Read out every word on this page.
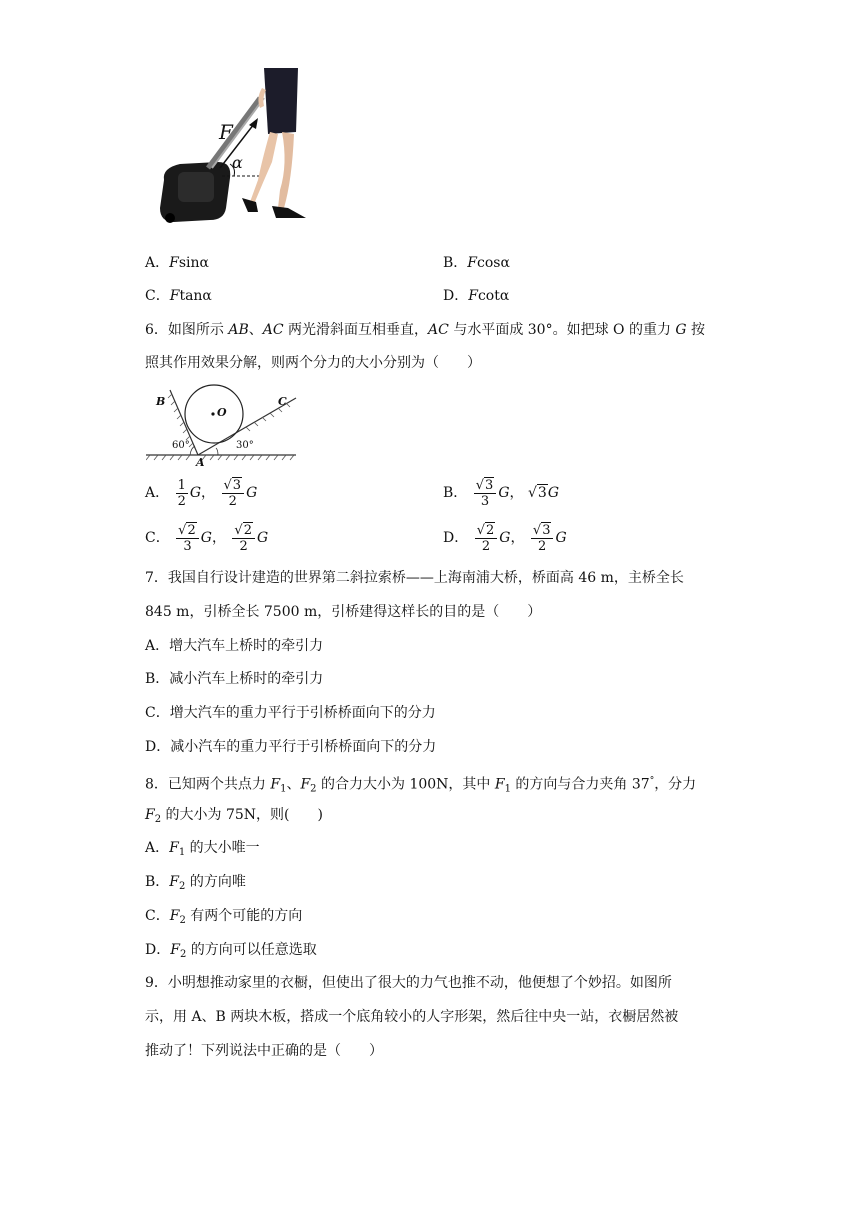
F
α
A．Fsinα	B．Fcosα
C．Ftanα	D．Fcotα
6．如图所示 AB、AC 两光滑斜面互相垂直，AC 与水平面成 30°。如把球 O 的重力 G 按
照其作用效果分解，则两个分力的大小分别为（　　）
B	C
O
A
60°	30°
A． $\frac{1}{2}$ G， $\frac{√3}{2}$ G	B． $\frac{√3}{3}$ G， √3G
C． $\frac{√2}{3}$ G， $\frac{√2}{2}$ G	D． $\frac{√2}{2}$ G， $\frac{√3}{2}$ G
7．我国自行设计建造的世界第二斜拉索桥——上海南浦大桥，桥面高 46 m，主桥全长
845 m，引桥全长 7500 m，引桥建得这样长的目的是（　　）
A．增大汽车上桥时的牵引力
B．减小汽车上桥时的牵引力
C．增大汽车的重力平行于引桥桥面向下的分力
D．减小汽车的重力平行于引桥桥面向下的分力
8．已知两个共点力 $F_1$、$F_2$ 的合力大小为 100N，其中 $F_1$ 的方向与合力夹角 37°，分力
$F_2$ 的大小为 75N，则(　　)
A．$F_1$ 的大小唯一
B．$F_2$ 的方向唯
C．$F_2$ 有两个可能的方向
D．$F_2$ 的方向可以任意选取
9．小明想推动家里的衣橱，但使出了很大的力气也推不动，他便想了个妙招。如图所
示，用 A、B 两块木板，搭成一个底角较小的人字形架，然后往中央一站，衣橱居然被
推动了！下列说法中正确的是（　　）
